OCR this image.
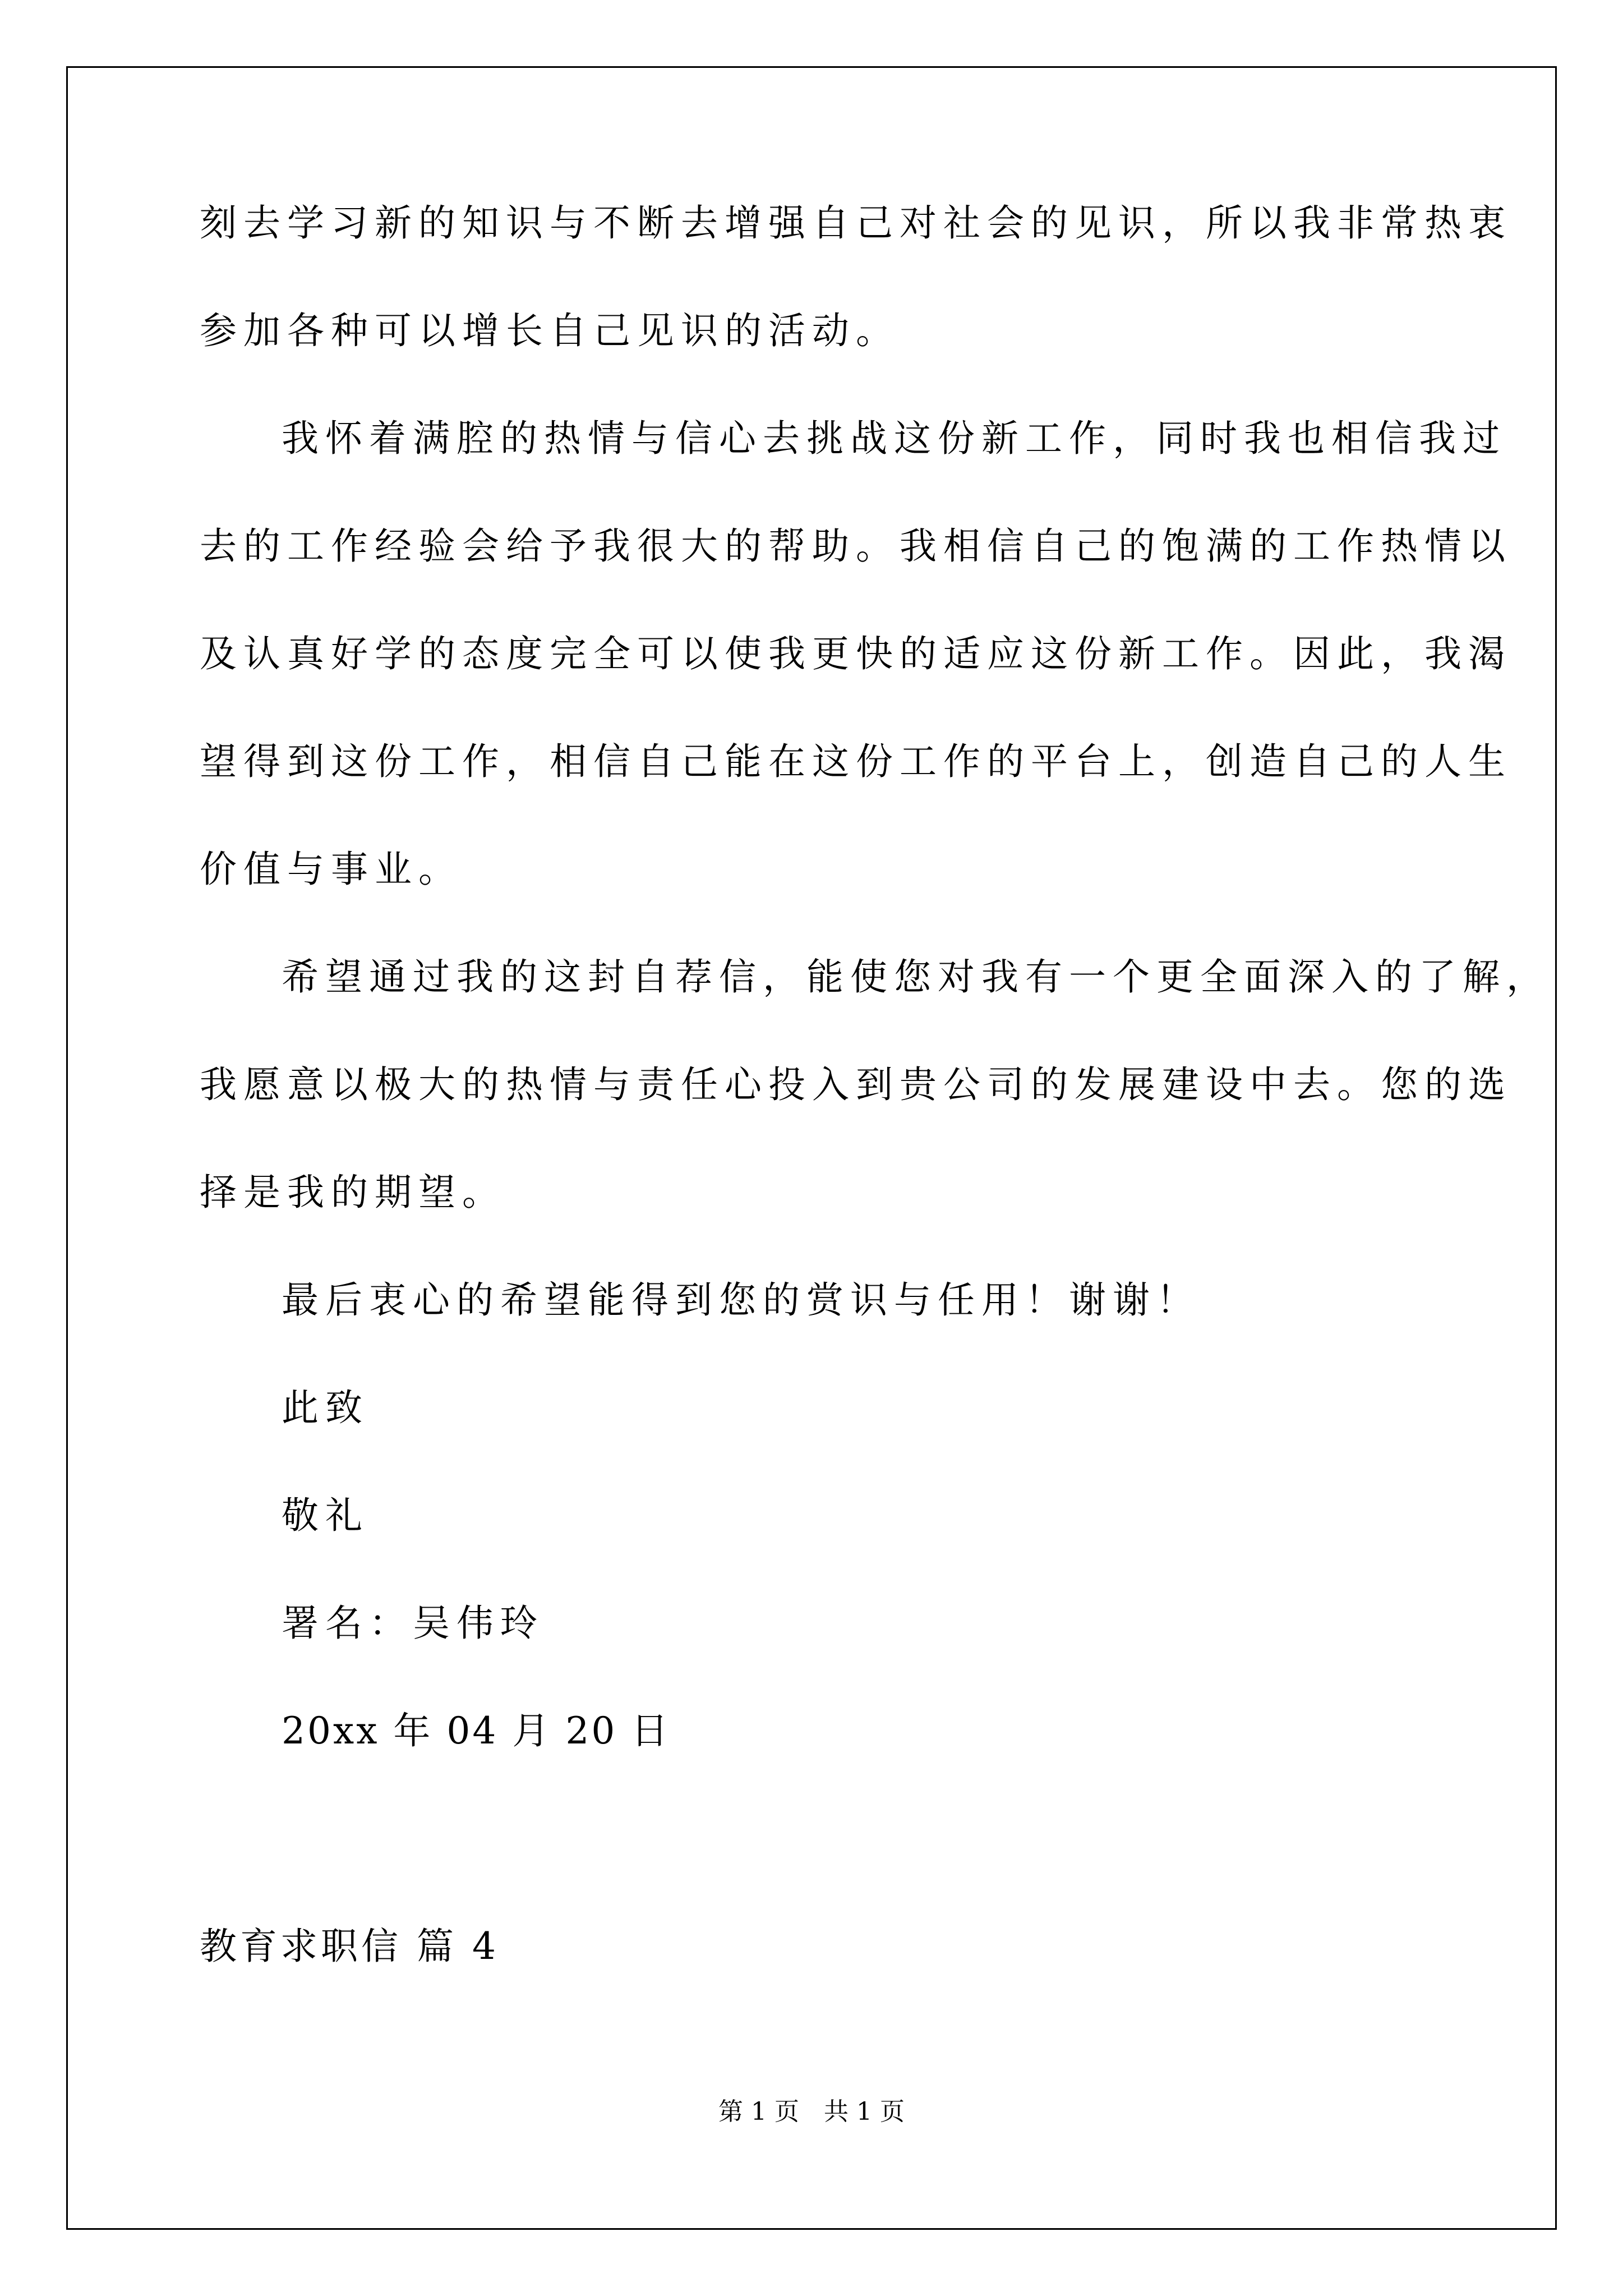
刻去学习新的知识与不断去增强自己对社会的见识，所以我非常热衷
参加各种可以增长自己见识的活动。
我怀着满腔的热情与信心去挑战这份新工作，同时我也相信我过
去的工作经验会给予我很大的帮助。我相信自己的饱满的工作热情以
及认真好学的态度完全可以使我更快的适应这份新工作。因此，我渴
望得到这份工作，相信自己能在这份工作的平台上，创造自己的人生
价值与事业。
希望通过我的这封自荐信，能使您对我有一个更全面深入的了解，
我愿意以极大的热情与责任心投入到贵公司的发展建设中去。您的选
择是我的期望。
最后衷心的希望能得到您的赏识与任用！谢谢！
此致
敬礼
署名：吴伟玲
20xx 年 04 月 20 日
教育求职信 篇 4
第 1 页　共 1 页
